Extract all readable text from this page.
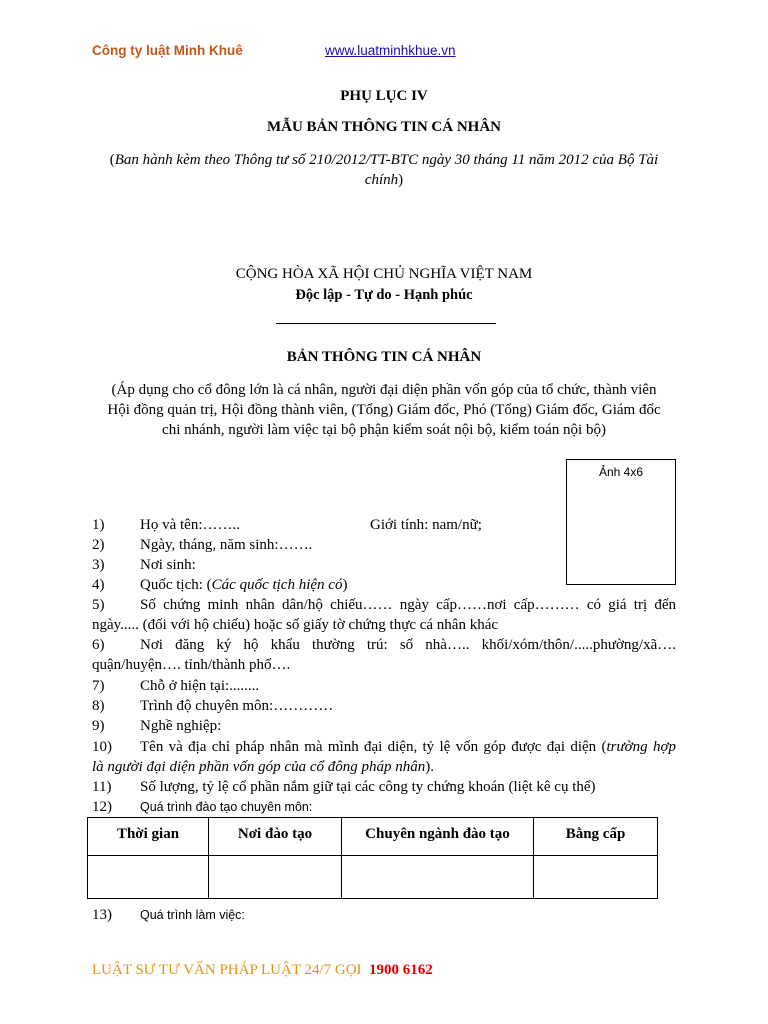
Công ty luật Minh Khuê	www.luatminhkhue.vn
PHỤ LỤC IV
MẪU BẢN THÔNG TIN CÁ NHÂN
(Ban hành kèm theo Thông tư số 210/2012/TT-BTC ngày 30 tháng 11 năm 2012 của Bộ Tài
chính)
CỘNG HÒA XÃ HỘI CHỦ NGHĨA VIỆT NAM
Độc lập - Tự do - Hạnh phúc
BẢN THÔNG TIN CÁ NHÂN
(Áp dụng cho cổ đông lớn là cá nhân, người đại diện phần vốn góp của tổ chức, thành viên
Hội đồng quản trị, Hội đồng thành viên, (Tổng) Giám đốc, Phó (Tổng) Giám đốc, Giám đốc
chi nhánh, người làm việc tại bộ phận kiểm soát nội bộ, kiểm toán nội bộ)
Ảnh 4x6
1) Họ và tên:……..	Giới tính: nam/nữ;
2) Ngày, tháng, năm sinh:…….
3) Nơi sinh:
4) Quốc tịch: (Các quốc tịch hiện có)
5) Số chứng minh nhân dân/hộ chiếu…… ngày cấp……nơi cấp……… có giá trị đến
ngày..... (đối với hộ chiếu) hoặc số giấy tờ chứng thực cá nhân khác
6) Nơi đăng ký hộ khẩu thường trú: số nhà….. khối/xóm/thôn/.....phường/xã….
quận/huyện…. tỉnh/thành phố….
7) Chỗ ở hiện tại:........
8) Trình độ chuyên môn:…………
9) Nghề nghiệp:
10) Tên và địa chỉ pháp nhân mà mình đại diện, tỷ lệ vốn góp được đại diện (trường hợp
là người đại diện phần vốn góp của cổ đông pháp nhân).
11) Số lượng, tỷ lệ cổ phần nắm giữ tại các công ty chứng khoán (liệt kê cụ thể)
12) Quá trình đào tạo chuyên môn:
Thời gian	Nơi đào tạo	Chuyên ngành đào tạo	Bằng cấp

13) Quá trình làm việc:
LUẬT SƯ TƯ VẤN PHÁP LUẬT 24/7 GỌI 1900 6162
